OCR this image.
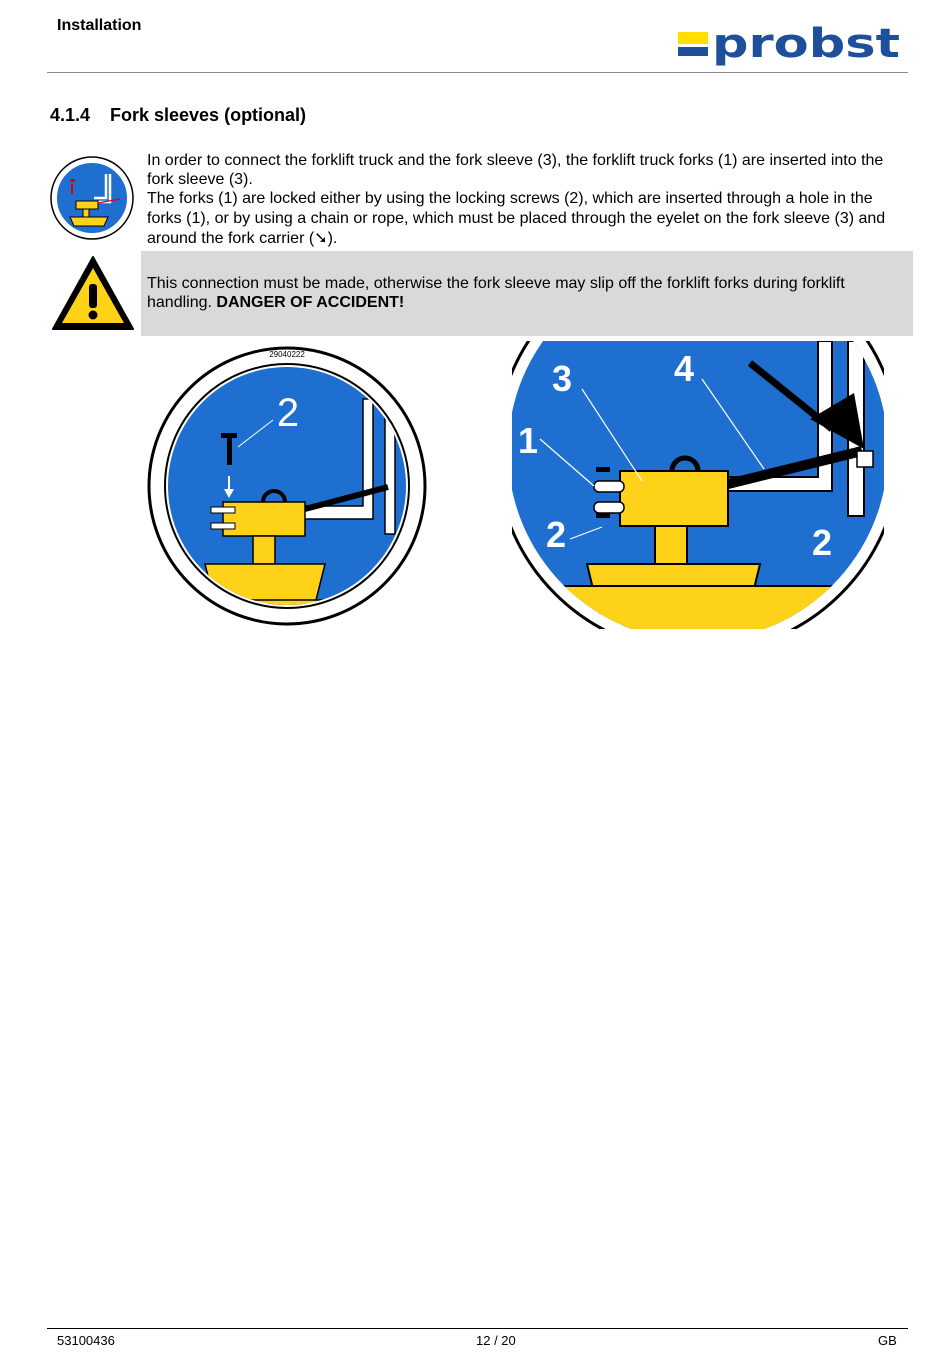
Installation	probst
4.1.4 Fork sleeves (optional)

In order to connect the forklift truck and the fork sleeve (3), the forklift truck forks (1) are inserted into the fork sleeve (3).

The forks (1) are locked either by using the locking screws (2), which are inserted through a hole in the forks (1), or by using a chain or rope, which must be placed through the eyelet on the fork sleeve (3) and around the fork carrier (➘).

This connection must be made, otherwise the fork sleeve may slip off the forklift forks during forklift handling. DANGER OF ACCIDENT!
2
29040222
3	4
1
2	2
53100436	12 / 20	GB
